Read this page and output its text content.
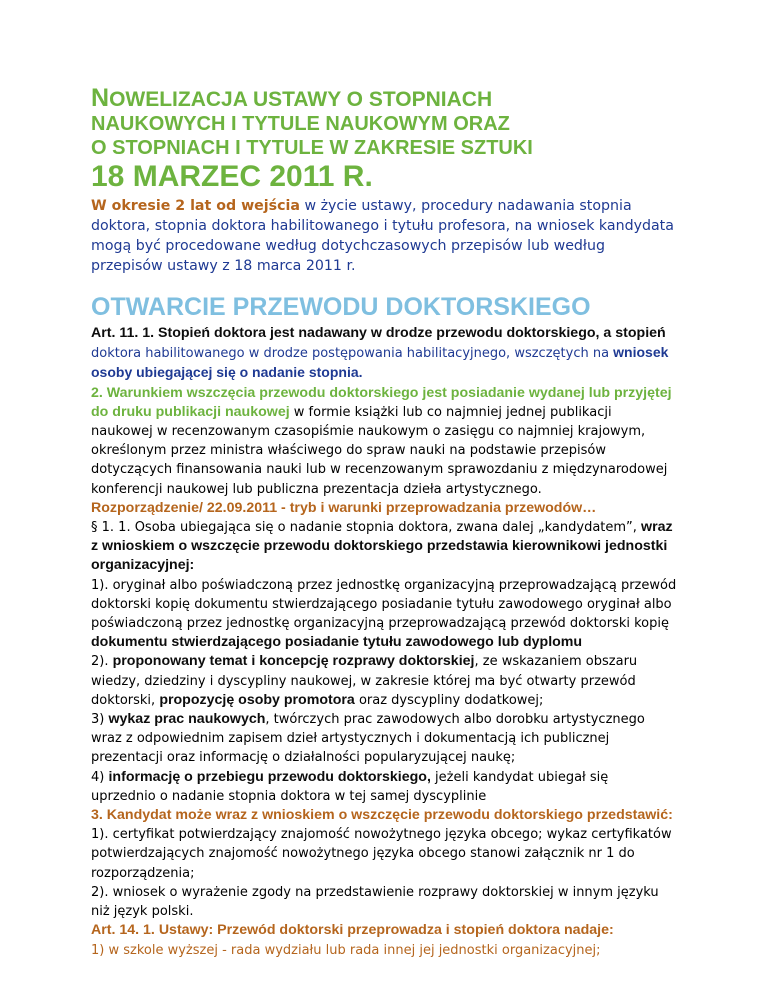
NOWELIZACJA USTAWY O STOPNIACH

NAUKOWYCH I TYTULE NAUKOWYM ORAZ

O STOPNIACH I TYTULE W ZAKRESIE SZTUKI

18 MARZEC 2011 R.

W okresie 2 lat od wejścia w życie ustawy, procedury nadawania stopnia doktora, stopnia doktora habilitowanego i tytułu profesora, na wniosek kandydata mogą być procedowane według dotychczasowych przepisów lub według przepisów ustawy z 18 marca 2011 r.

OTWARCIE PRZEWODU DOKTORSKIEGO

Art. 11. 1. Stopień doktora jest nadawany w drodze przewodu doktorskiego, a stopień doktora habilitowanego w drodze postępowania habilitacyjnego, wszczętych na wniosek osoby ubiegającej się o nadanie stopnia.

2. Warunkiem wszczęcia przewodu doktorskiego jest posiadanie wydanej lub przyjętej do druku publikacji naukowej w formie książki lub co najmniej jednej publikacji naukowej w recenzowanym czasopiśmie naukowym o zasięgu co najmniej krajowym, określonym przez ministra właściwego do spraw nauki na podstawie przepisów dotyczących finansowania nauki lub w recenzowanym sprawozdaniu z międzynarodowej konferencji naukowej lub publiczna prezentacja dzieła artystycznego.

Rozporządzenie/ 22.09.2011 - tryb i warunki przeprowadzania przewodów…

§ 1. 1. Osoba ubiegająca się o nadanie stopnia doktora, zwana dalej „kandydatem”, wraz z wnioskiem o wszczęcie przewodu doktorskiego przedstawia kierownikowi jednostki organizacyjnej:

1). oryginał albo poświadczoną przez jednostkę organizacyjną przeprowadzającą przewód doktorski kopię dokumentu stwierdzającego posiadanie tytułu zawodowego oryginał albo poświadczoną przez jednostkę organizacyjną przeprowadzającą przewód doktorski kopię dokumentu stwierdzającego posiadanie tytułu zawodowego lub dyplomu

2). proponowany temat i koncepcję rozprawy doktorskiej, ze wskazaniem obszaru wiedzy, dziedziny i dyscypliny naukowej, w zakresie której ma być otwarty przewód doktorski, propozycję osoby promotora oraz dyscypliny dodatkowej;

3) wykaz prac naukowych, twórczych prac zawodowych albo dorobku artystycznego wraz z odpowiednim zapisem dzieł artystycznych i dokumentacją ich publicznej prezentacji oraz informację o działalności popularyzującej naukę;

4) informację o przebiegu przewodu doktorskiego, jeżeli kandydat ubiegał się uprzednio o nadanie stopnia doktora w tej samej dyscyplinie

3. Kandydat może wraz z wnioskiem o wszczęcie przewodu doktorskiego przedstawić:

1). certyfikat potwierdzający znajomość nowożytnego języka obcego; wykaz certyfikatów potwierdzających znajomość nowożytnego języka obcego stanowi załącznik nr 1 do rozporządzenia;

2). wniosek o wyrażenie zgody na przedstawienie rozprawy doktorskiej w innym języku niż język polski.

Art. 14. 1. Ustawy: Przewód doktorski przeprowadza i stopień doktora nadaje:

1) w szkole wyższej - rada wydziału lub rada innej jej jednostki organizacyjnej;
